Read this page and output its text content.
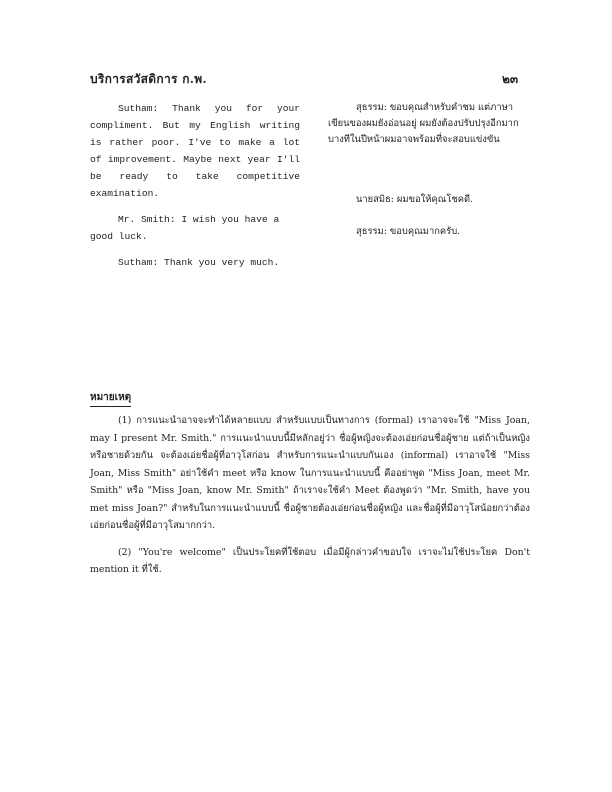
บริการสวัสดิการ ก.พ.	๒๓

Sutham: Thank you for your compliment. But my English writing is rather poor. I've to make a lot of improvement. Maybe next year I'll be ready to take competitive examination.

Mr. Smith: I wish you have a good luck.

Sutham: Thank you very much.

สุธรรม: ขอบคุณสำหรับคำชม แต่ภาษาเขียนของผมยังอ่อนอยู่ ผมยังต้องปรับปรุงอีกมาก บางทีในปีหน้าผมอาจพร้อมที่จะสอบแข่งขัน

นายสมิธ: ผมขอให้คุณโชคดี.

สุธรรม: ขอบคุณมากครับ.

หมายเหตุ

(1) การแนะนำอาจจะทำได้หลายแบบ สำหรับแบบเป็นทางการ (formal) เราอาจจะใช้ "Miss Joan, may I present Mr. Smith." การแนะนำแบบนี้มีหลักอยู่ว่า ชื่อผู้หญิงจะต้องเอ่ยก่อนชื่อผู้ชาย แต่ถ้าเป็นหญิงหรือชายด้วยกัน จะต้องเอ่ยชื่อผู้ที่อาวุโสก่อน สำหรับการแนะนำแบบกันเอง (informal) เราอาจใช้ "Miss Joan, Miss Smith" อย่าใช้คำ meet หรือ know ในการแนะนำแบบนี้ คืออย่าพูด "Miss Joan, meet Mr. Smith" หรือ "Miss Joan, know Mr. Smith" ถ้าเราจะใช้คำ Meet ต้องพูดว่า "Mr. Smith, have you met miss Joan?" สำหรับในการแนะนำแบบนี้ ชื่อผู้ชายต้องเอ่ยก่อนชื่อผู้หญิง และชื่อผู้ที่มีอาวุโสน้อยกว่าต้องเอ่ยก่อนชื่อผู้ที่มีอาวุโสมากกว่า.

(2) "You're welcome" เป็นประโยคที่ใช้ตอบ เมื่อมีผู้กล่าวคำขอบใจ เราจะไม่ใช้ประโยค Don't mention it ที่ใช้.
